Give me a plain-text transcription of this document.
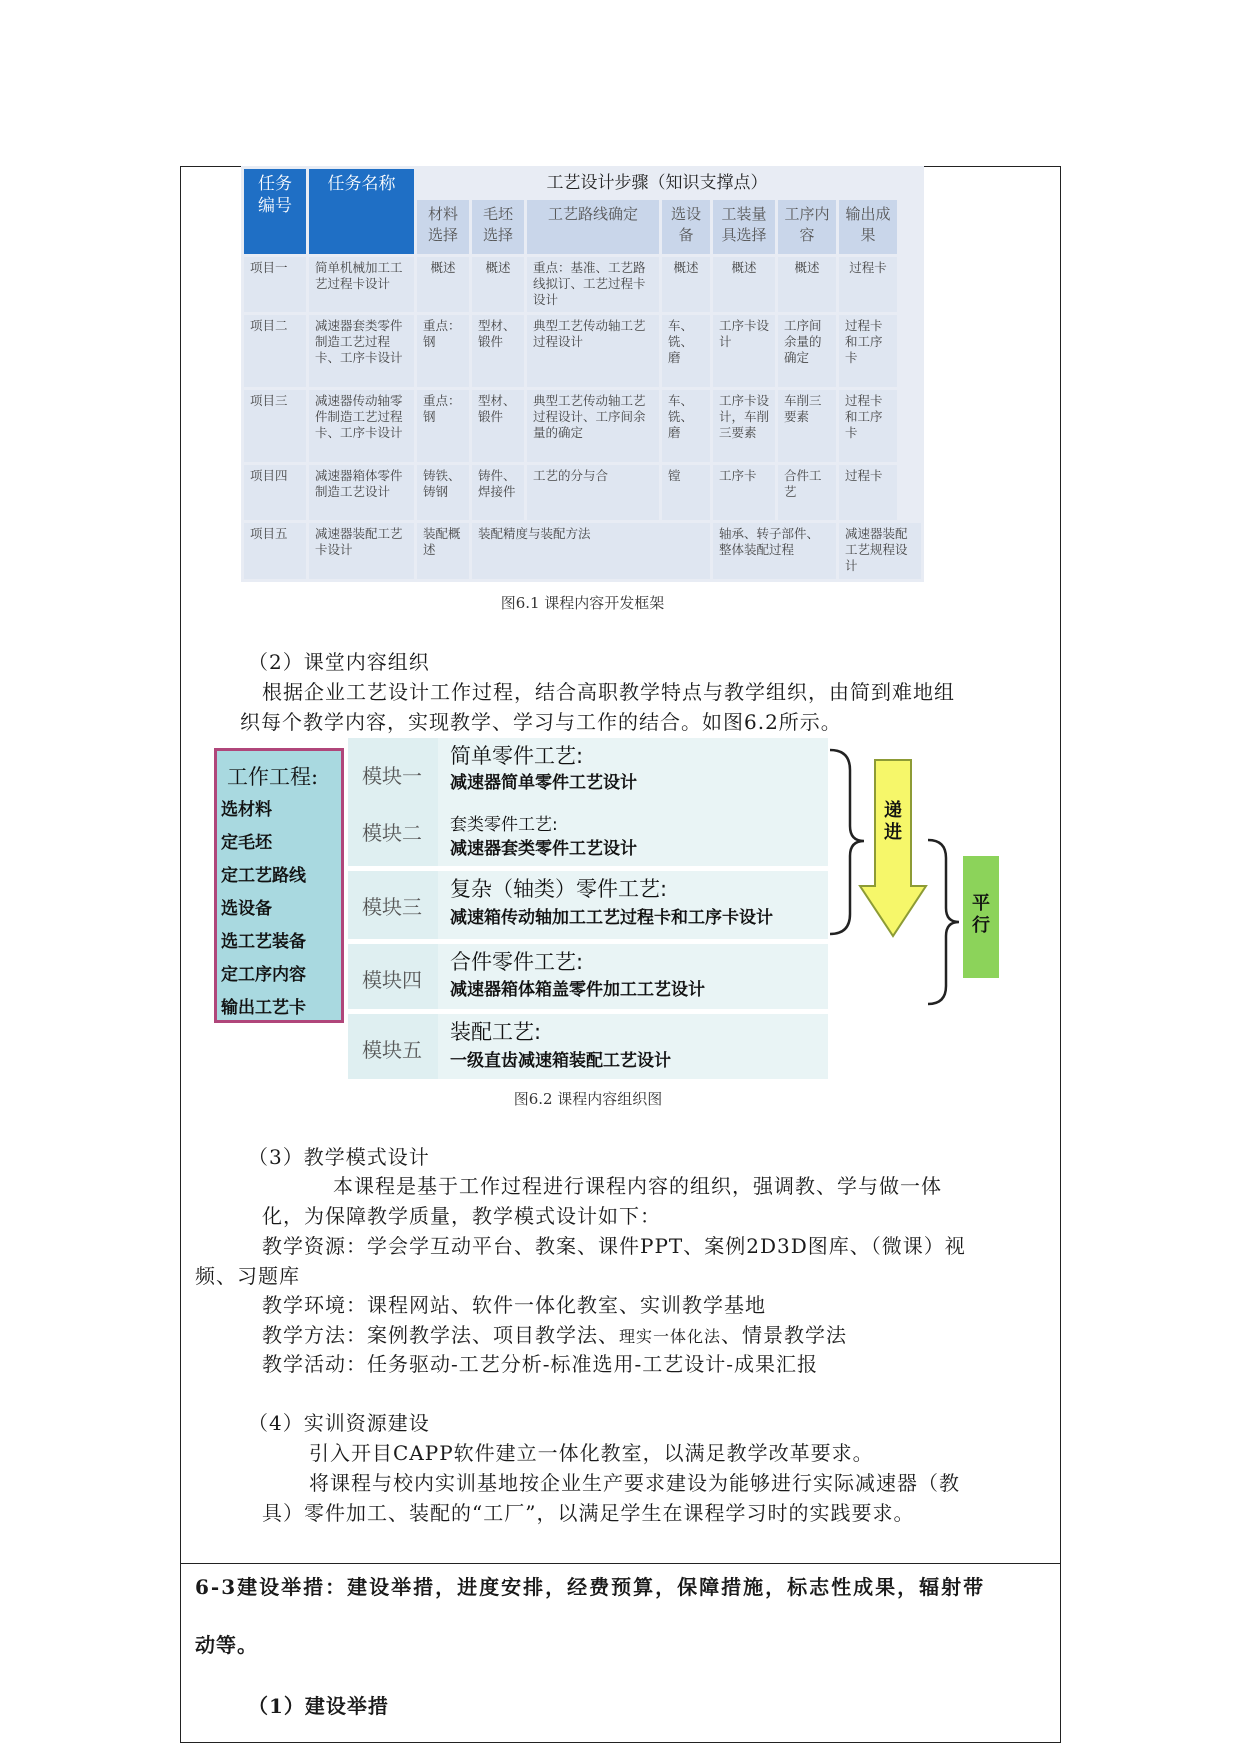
任务编号	任务名称	工艺设计步骤（知识支撑点）						
		材料选择	毛坯选择	工艺路线确定	选设备	工装量具选择	工序内容	输出成果
项目一	简单机械加工工艺过程卡设计	概述	概述	重点：基准、工艺路线拟订、工艺过程卡设计	概述	概述	概述	过程卡
项目二	减速器套类零件制造工艺过程卡、工序卡设计	重点：钢	型材、锻件	典型工艺传动轴工艺过程设计	车、铣、磨	工序卡设计	工序间余量的确定	过程卡和工序卡
项目三	减速器传动轴零件制造工艺过程卡、工序卡设计	重点：钢	型材、锻件	典型工艺传动轴工艺过程设计、工序间余量的确定	车、铣、磨	工序卡设计，车削三要素	车削三要素	过程卡和工序卡
项目四	减速器箱体零件制造工艺设计	铸铁、铸钢	铸件、焊接件	工艺的分与合	镗	工序卡	合件工艺	过程卡
项目五	减速器装配工艺卡设计	装配概述	装配精度与装配方法			轴承、转子部件、整体装配过程		减速器装配工艺规程设计
图6.1 课程内容开发框架
（2）课堂内容组织
根据企业工艺设计工作过程，结合高职教学特点与教学组织，由简到难地组
织每个教学内容，实现教学、学习与工作的结合。如图6.2所示。
工作工程:
选材料
定毛坯
定工艺路线
选设备
选工艺装备
定工序内容
输出工艺卡
模块一
模块二
简单零件工艺:
减速器简单零件工艺设计
套类零件工艺:
减速器套类零件工艺设计
模块三
复杂（轴类）零件工艺:
减速箱传动轴加工工艺过程卡和工序卡设计
模块四
合件零件工艺:
减速器箱体箱盖零件加工工艺设计
模块五
装配工艺:
一级直齿减速箱装配工艺设计
递进
平行
图6.2 课程内容组织图
（3）教学模式设计
本课程是基于工作过程进行课程内容的组织，强调教、学与做一体
化，为保障教学质量，教学模式设计如下：
教学资源：学会学互动平台、教案、课件PPT、案例2D3D图库、（微课）视
频、习题库
教学环境：课程网站、软件一体化教室、实训教学基地
教学方法：案例教学法、项目教学法、理实一体化法、情景教学法
教学活动：任务驱动-工艺分析-标准选用-工艺设计-成果汇报
（4）实训资源建设
引入开目CAPP软件建立一体化教室，以满足教学改革要求。
将课程与校内实训基地按企业生产要求建设为能够进行实际减速器（教
具）零件加工、装配的“工厂”，以满足学生在课程学习时的实践要求。
6-3建设举措：建设举措，进度安排，经费预算，保障措施，标志性成果，辐射带
动等。
（1）建设举措
